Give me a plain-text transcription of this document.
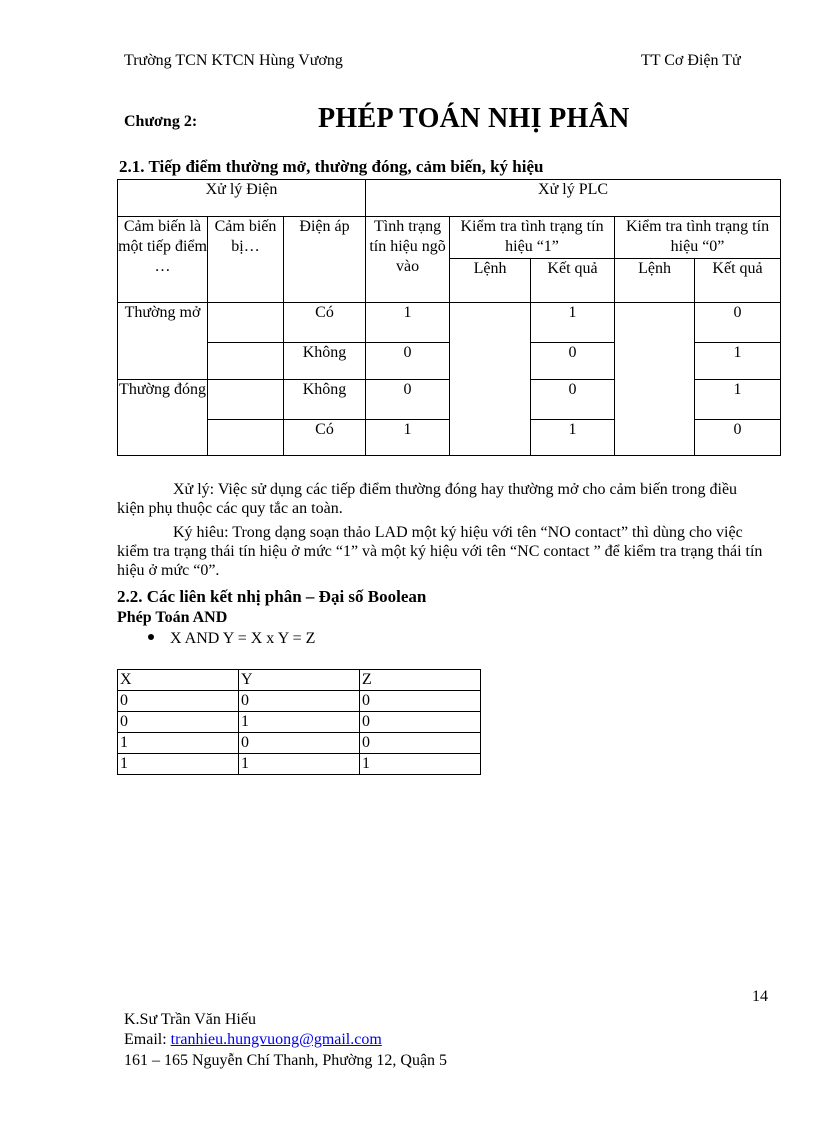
Trường TCN KTCN Hùng Vương	TT Cơ Điện Tử
Chương 2:	PHÉP TOÁN NHỊ PHÂN
2.1. Tiếp điểm thường mở, thường đóng, cảm biến, ký hiệu
Xử lý Điện			Xử lý PLC				
Cảm biến là một tiếp điểm …	Cảm biến bị…	Điện áp	Tình trạng tín hiệu ngõ vào	Kiểm tra tình trạng tín hiệu “1”		Kiểm tra tình trạng tín hiệu “0”	
				Lệnh	Kết quả	Lệnh	Kết quả
Thường mở		Có	1		1		0
		Không	0		0		1
Thường đóng		Không	0		0		1
		Có	1		1		0
Xử lý: Việc sử dụng các tiếp điểm thường đóng hay thường mở cho cảm biến trong điều kiện phụ thuộc các quy tắc an toàn.
Ký hiêu: Trong dạng soạn thảo LAD một ký hiệu với tên “NO contact” thì dùng cho việc kiểm tra trạng thái tín hiệu ở mức “1” và một ký hiệu với tên “NC contact ” để kiểm tra trạng thái tín hiệu ở mức “0”.
2.2. Các liên kết nhị phân – Đại số Boolean
Phép Toán AND
X AND Y = X x Y = Z
X	Y	Z
0	0	0
0	1	0
1	0	0
1	1	1
14
K.Sư Trần Văn Hiếu
Email: tranhieu.hungvuong@gmail.com
161 – 165 Nguyễn Chí Thanh, Phường 12, Quận 5
